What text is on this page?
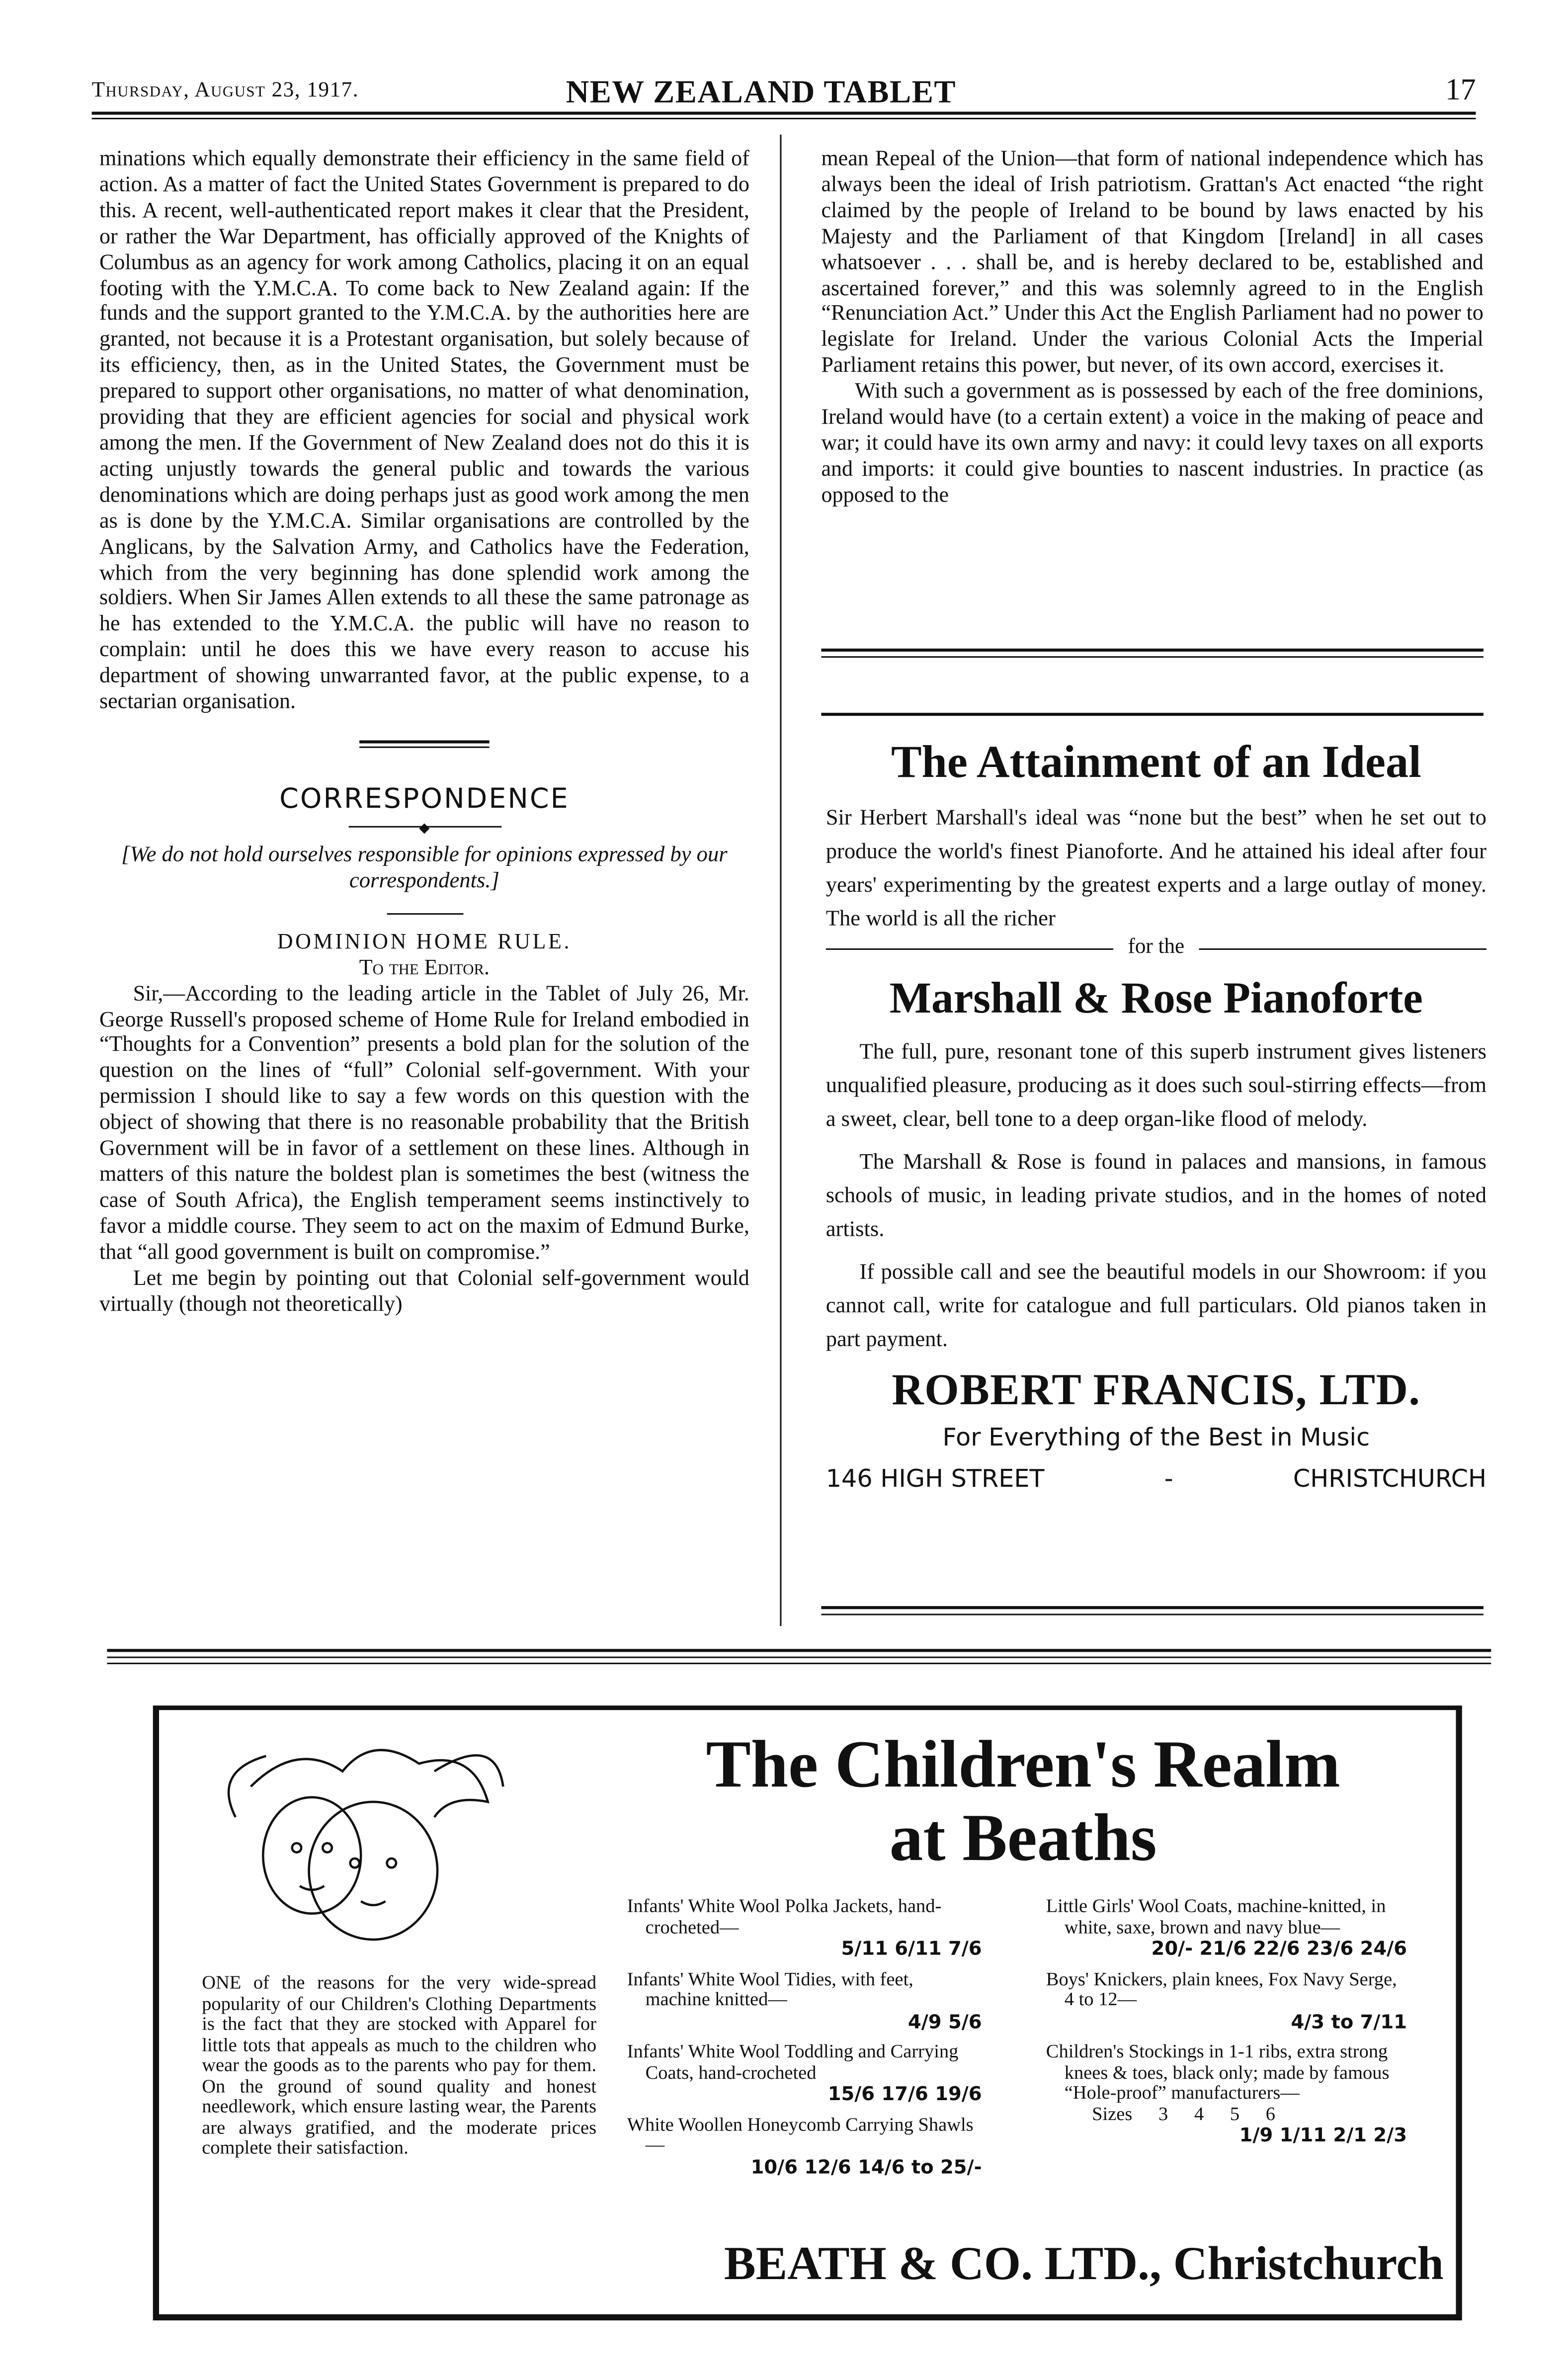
Thursday, August 23, 1917.	NEW ZEALAND TABLET	17

minations which equally demonstrate their efficiency in the same field of action. As a matter of fact the United States Government is prepared to do this. A recent, well-authenticated report makes it clear that the President, or rather the War Department, has officially approved of the Knights of Columbus as an agency for work among Catholics, placing it on an equal footing with the Y.M.C.A. To come back to New Zealand again: If the funds and the support granted to the Y.M.C.A. by the authorities here are granted, not because it is a Protestant organisation, but solely because of its efficiency, then, as in the United States, the Government must be prepared to support other organisations, no matter of what denomination, providing that they are efficient agencies for social and physical work among the men. If the Government of New Zealand does not do this it is acting unjustly towards the general public and towards the various denominations which are doing perhaps just as good work among the men as is done by the Y.M.C.A. Similar organisations are controlled by the Anglicans, by the Salvation Army, and Catholics have the Federation, which from the very beginning has done splendid work among the soldiers. When Sir James Allen extends to all these the same patronage as he has extended to the Y.M.C.A. the public will have no reason to complain: until he does this we have every reason to accuse his department of showing unwarranted favor, at the public expense, to a sectarian organisation.

CORRESPONDENCE
◆
[We do not hold ourselves responsible for opinions expressed by our correspondents.]
DOMINION HOME RULE.
To the Editor.

Sir,—According to the leading article in the Tablet of July 26, Mr. George Russell's proposed scheme of Home Rule for Ireland embodied in “Thoughts for a Convention” presents a bold plan for the solution of the question on the lines of “full” Colonial self-government. With your permission I should like to say a few words on this question with the object of showing that there is no reasonable probability that the British Government will be in favor of a settlement on these lines. Although in matters of this nature the boldest plan is sometimes the best (witness the case of South Africa), the English temperament seems instinctively to favor a middle course. They seem to act on the maxim of Edmund Burke, that “all good government is built on compromise.”

Let me begin by pointing out that Colonial self-government would virtually (though not theoretically)

mean Repeal of the Union—that form of national independence which has always been the ideal of Irish patriotism. Grattan's Act enacted “the right claimed by the people of Ireland to be bound by laws enacted by his Majesty and the Parliament of that Kingdom [Ireland] in all cases whatsoever . . . shall be, and is hereby declared to be, established and ascertained forever,” and this was solemnly agreed to in the English “Renunciation Act.” Under this Act the English Parliament had no power to legislate for Ireland. Under the various Colonial Acts the Imperial Parliament retains this power, but never, of its own accord, exercises it.

With such a government as is possessed by each of the free dominions, Ireland would have (to a certain extent) a voice in the making of peace and war; it could have its own army and navy: it could levy taxes on all exports and imports: it could give bounties to nascent industries. In practice (as opposed to the

The Attainment of an Ideal

Sir Herbert Marshall's ideal was “none but the best” when he set out to produce the world's finest Pianoforte. And he attained his ideal after four years' experimenting by the greatest experts and a large outlay of money. The world is all the richer

for the
Marshall & Rose Pianoforte

The full, pure, resonant tone of this superb instrument gives listeners unqualified pleasure, producing as it does such soul-stirring effects—from a sweet, clear, bell tone to a deep organ-like flood of melody.

The Marshall & Rose is found in palaces and mansions, in famous schools of music, in leading private studios, and in the homes of noted artists.

If possible call and see the beautiful models in our Showroom: if you cannot call, write for catalogue and full particulars. Old pianos taken in part payment.

ROBERT FRANCIS, LTD.
For Everything of the Best in Music
146 HIGH STREET	-	CHRISTCHURCH
The Children's Realm
at Beaths

ONE of the reasons for the very wide-spread popularity of our Children's Clothing Departments is the fact that they are stocked with Apparel for little tots that appeals as much to the children who wear the goods as to the parents who pay for them. On the ground of sound quality and honest needlework, which ensure lasting wear, the Parents are always gratified, and the moderate prices complete their satisfaction.

Infants' White Wool Polka Jackets, hand-crocheted—
5/11 6/11 7/6
Infants' White Wool Tidies, with feet, machine knitted—
4/9 5/6
Infants' White Wool Toddling and Carrying Coats, hand-crocheted
15/6 17/6 19/6
White Woollen Honeycomb Carrying Shawls—
10/6 12/6 14/6 to 25/-
Little Girls' Wool Coats, machine-knitted, in white, saxe, brown and navy blue—
20/- 21/6 22/6 23/6 24/6
Boys' Knickers, plain knees, Fox Navy Serge, 4 to 12—
4/3 to 7/11
Children's Stockings in 1-1 ribs, extra strong knees & toes, black only; made by famous “Hole-proof” manufacturers—
Sizes 3 4 5 6
1/9 1/11 2/1 2/3
BEATH & CO. LTD., Christchurch
